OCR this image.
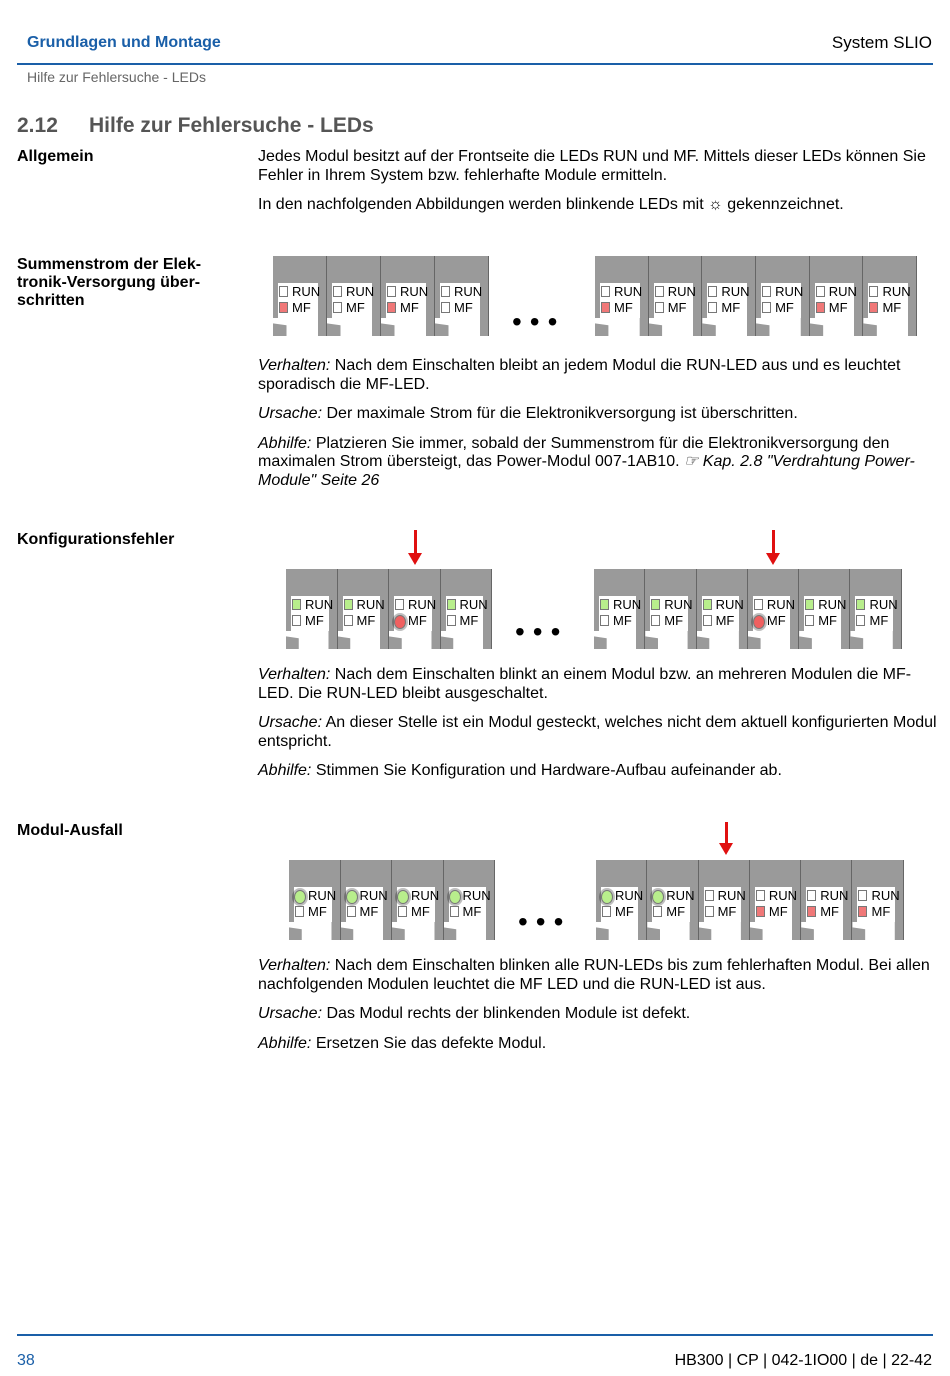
Grundlagen und Montage	System SLIO
Hilfe zur Fehlersuche - LEDs
2.12 Hilfe zur Fehlersuche - LEDs
Allgemein	Jedes Modul besitzt auf der Frontseite die LEDs RUN und MF. Mittels dieser LEDs können Sie Fehler in Ihrem System bzw. fehlerhafte Module ermitteln.

In den nachfolgenden Abbildungen werden blinkende LEDs mit ☼ gekennzeichnet.

Summenstrom der Elek-tronik-Versorgung über-schritten
RUN
MF
RUN
MF
RUN
MF
RUN
MF •••
RUN
MF
RUN
MF
RUN
MF
RUN
MF
RUN
MF
RUN
MF

Verhalten: Nach dem Einschalten bleibt an jedem Modul die RUN-LED aus und es leuchtet sporadisch die MF-LED.

Ursache: Der maximale Strom für die Elektronikversorgung ist überschritten.

Abhilfe: Platzieren Sie immer, sobald der Summenstrom für die Elektronikversorgung den maximalen Strom übersteigt, das Power-Modul 007-1AB10. ☞ Kap. 2.8 "Verdrahtung Power-Module" Seite 26

Konfigurationsfehler
RUN
MF
RUN
MF
RUN
MF
RUN
MF •••
RUN
MF
RUN
MF
RUN
MF
RUN
MF
RUN
MF
RUN
MF

Verhalten: Nach dem Einschalten blinkt an einem Modul bzw. an mehreren Modulen die MF-LED. Die RUN-LED bleibt ausgeschaltet.

Ursache: An dieser Stelle ist ein Modul gesteckt, welches nicht dem aktuell konfigurierten Modul entspricht.

Abhilfe: Stimmen Sie Konfiguration und Hardware-Aufbau aufeinander ab.

Modul-Ausfall
RUN
MF
RUN
MF
RUN
MF
RUN
MF •••
RUN
MF
RUN
MF
RUN
MF
RUN
MF
RUN
MF
RUN
MF

Verhalten: Nach dem Einschalten blinken alle RUN-LEDs bis zum fehlerhaften Modul. Bei allen nachfolgenden Modulen leuchtet die MF LED und die RUN-LED ist aus.

Ursache: Das Modul rechts der blinkenden Module ist defekt.

Abhilfe: Ersetzen Sie das defekte Modul.

38	HB300 | CP | 042-1IO00 | de | 22-42
